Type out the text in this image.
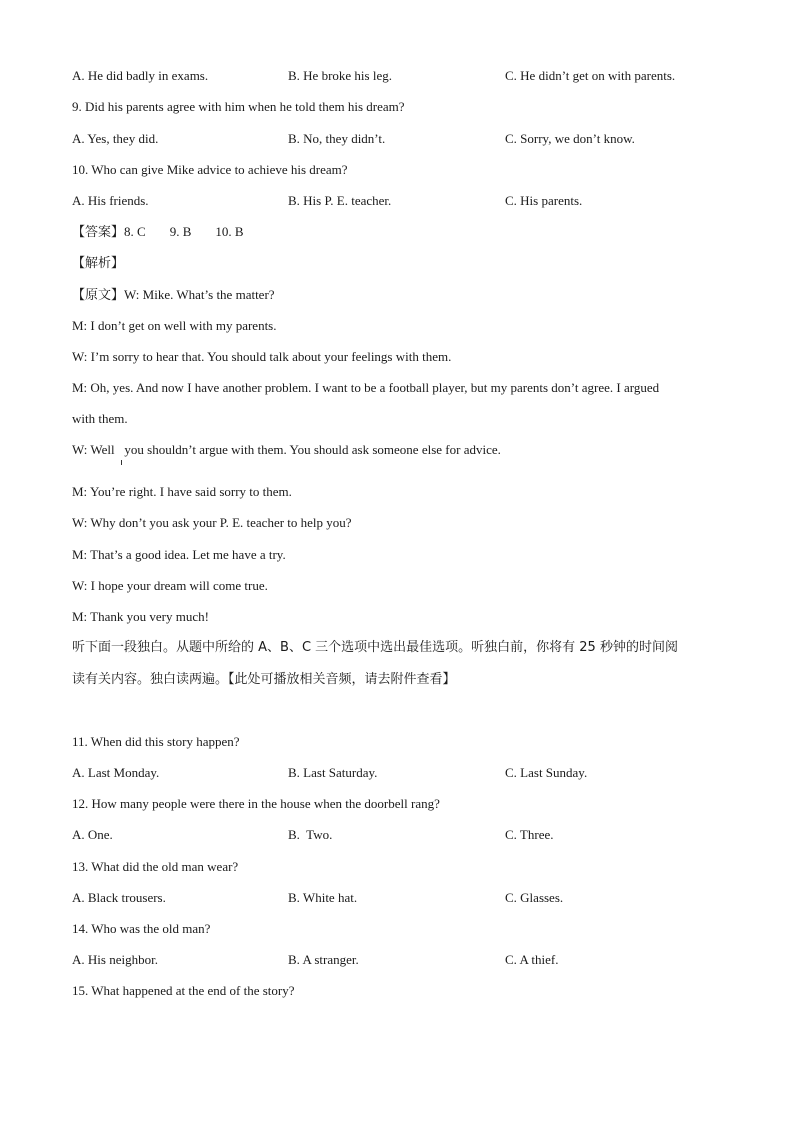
A. He did badly in exams.	B. He broke his leg.	C. He didn’t get on with parents.
9. Did his parents agree with him when he told them his dream?
A. Yes, they did.	B. No, they didn’t.	C. Sorry, we don’t know.
10. Who can give Mike advice to achieve his dream?
A. His friends.	B. His P. E. teacher.	C. His parents.
【答案】8. C 9. B 10. B
【解析】
【原文】W: Mike. What’s the matter?
M: I don’t get on well with my parents.
W: I’m sorry to hear that. You should talk about your feelings with them.
M: Oh, yes. And now I have another problem. I want to be a football player, but my parents don’t agree. I argued
with them.
W: Well   you shouldn’t argue with them. You should ask someone else for advice.
M: You’re right. I have said sorry to them.
W: Why don’t you ask your P. E. teacher to help you?
M: That’s a good idea. Let me have a try.
W: I hope your dream will come true.
M: Thank you very much!
听下面一段独白。从题中所给的 A、B、C 三个选项中选出最佳选项。听独白前，你将有 25 秒钟的时间阅
读有关内容。独白读两遍。【此处可播放相关音频，请去附件查看】
11. When did this story happen?
A. Last Monday.	B. Last Saturday.	C. Last Sunday.
12. How many people were there in the house when the doorbell rang?
A. One.	B.  Two.	C. Three.
13. What did the old man wear?
A. Black trousers.	B. White hat.	C. Glasses.
14. Who was the old man?
A. His neighbor.	B. A stranger.	C. A thief.
15. What happened at the end of the story?
